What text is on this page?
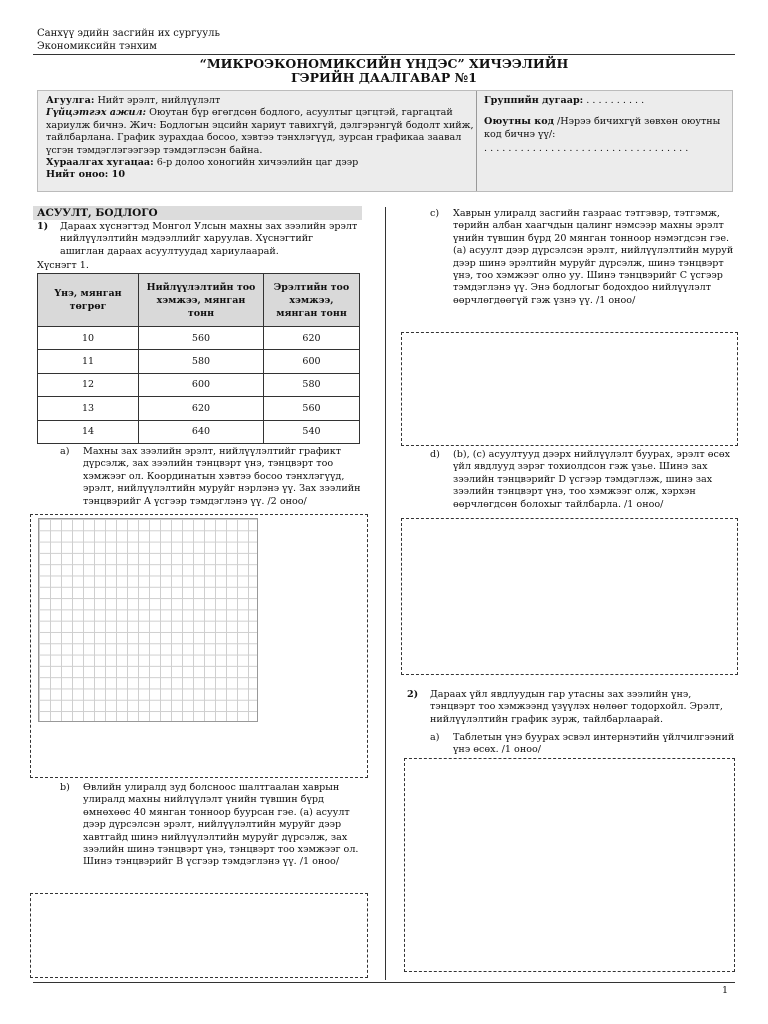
Санхүү эдийн засгийн их сургууль
Экономиксийн тэнхим
“МИКРОЭКОНОМИКСИЙН ҮНДЭС” ХИЧЭЭЛИЙН
ГЭРИЙН ДААЛГАВАР №1
Агуулга: Нийт эрэлт, нийлүүлэлт
Гүйцэтгэх ажил: Оюутан бүр өгөгдсөн бодлого, асуултыг цэгцтэй, гаргацтай хариулж бичнэ. Жич: Бодлогын эцсийн хариут тавихгүй, дэлгэрэнгүй бодолт хийж, тайлбарлана. График зурахдаа босоо, хэвтээ тэнхлэгүүд, зурсан графикаа заавал үсгэн тэмдэглэгээгээр тэмдэглэсэн байна.
Хураалгах хугацаа: 6-р долоо хоногийн хичээлийн цаг дээр
Нийт оноо: 10
Группийн дугаар: . . . . . . . . . .
Оюутны код /Нэрээ бичихгүй зөвхөн оюутны код бичнэ үү/:
. . . . . . . . . . . . . . . . . . . . . . . . . . . . . . . . . .
АСУУЛТ, БОДЛОГО
1) Дараах хүснэгтэд Монгол Улсын махны зах зээлийн эрэлт нийлүүлэлтийн мэдээллийг харуулав. Хүснэгтийг ашиглан дараах асуултуудад хариулаарай.
Хүснэгт 1.
Үнэ, мянган төгрөг	Нийлүүлэлтийн тоо хэмжээ, мянган тонн	Эрэлтийн тоо хэмжээ, мянган тонн
10	560	620
11	580	600
12	600	580
13	620	560
14	640	540
a) Махны зах зээлийн эрэлт, нийлүүлэлтийг графикт дүрсэлж, зах зээлийн тэнцвэрт үнэ, тэнцвэрт тоо хэмжээг ол. Координатын хэвтээ босоо тэнхлэгүүд, эрэлт, нийлүүлэлтийн муруйг нэрлэнэ үү. Зах зээлийн тэнцвэрийг A үсгээр тэмдэглэнэ үү. /2 оноо/
b) Өвлийн улиралд зуд болсноос шалтгаалан хаврын улиралд махны нийлүүлэлт үнийн түвшин бүрд өмнөхөөс 40 мянган тонноор буурсан гэе. (a) асуулт дээр дүрсэлсэн эрэлт, нийлүүлэлтийн муруйг дээр хавтгайд шинэ нийлүүлэлтийн муруйг дүрсэлж, зах зээлийн шинэ тэнцвэрт үнэ, тэнцвэрт тоо хэмжээг ол. Шинэ тэнцвэрийг B үсгээр тэмдэглэнэ үү. /1 оноо/
c) Хаврын улиралд засгийн газраас тэтгэвэр, тэтгэмж, төрийн албан хаагчдын цалинг нэмсээр махны эрэлт үнийн түвшин бүрд 20 мянган тонноор нэмэгдсэн гэе. (a) асуулт дээр дүрсэлсэн эрэлт, нийлүүлэлтийн муруй дээр шинэ эрэлтийн муруйг дүрсэлж, шинэ тэнцвэрт үнэ, тоо хэмжээг олно уу. Шинэ тэнцвэрийг C үсгээр тэмдэглэнэ үү. Энэ бодлогыг бодохдоо нийлүүлэлт өөрчлөгдөөгүй гэж үзнэ үү. /1 оноо/
d) (b), (c) асуултууд дээрх нийлүүлэлт буурах, эрэлт өсөх үйл явдлууд зэрэг тохиолдсон гэж үзье. Шинэ зах зээлийн тэнцвэрийг D үсгээр тэмдэглэж, шинэ зах зээлийн тэнцвэрт үнэ, тоо хэмжээг олж, хэрхэн өөрчлөгдсөн болохыг тайлбарла. /1 оноо/
2) Дараах үйл явдлуудын гар утасны зах зээлийн үнэ, тэнцвэрт тоо хэмжээнд үзүүлэх нөлөөг тодорхойл. Эрэлт, нийлүүлэлтийн график зурж, тайлбарлаарай.
a) Таблетын үнэ буурах эсвэл интернэтийн үйлчилгээний үнэ өсөх. /1 оноо/
1
